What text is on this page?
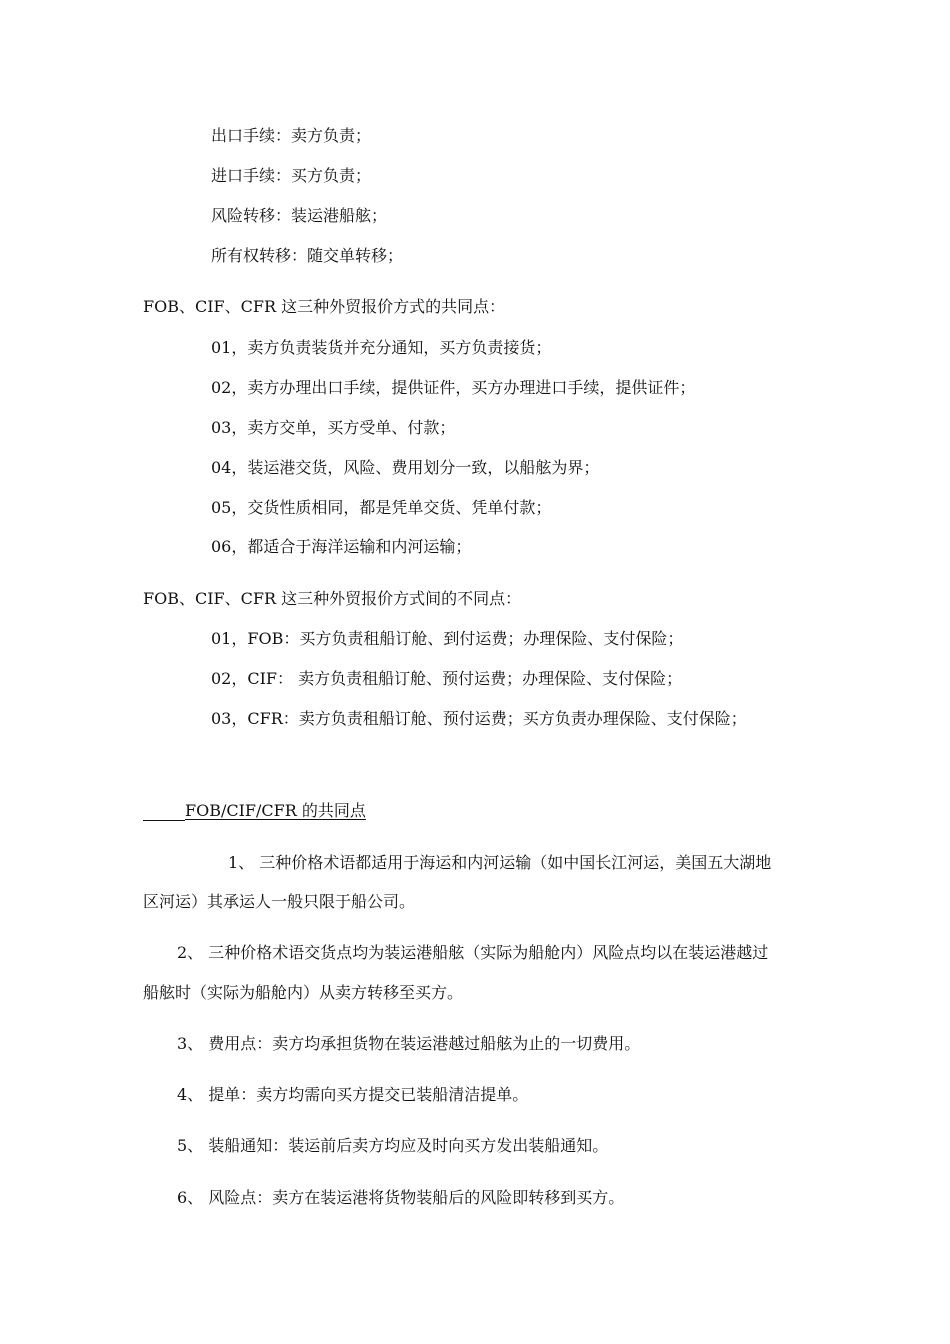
出口手续：卖方负责；
进口手续：买方负责；
风险转移：装运港船舷；
所有权转移：随交单转移；
FOB、CIF、CFR 这三种外贸报价方式的共同点：
01，卖方负责装货并充分通知，买方负责接货；
02，卖方办理出口手续，提供证件，买方办理进口手续，提供证件；
03，卖方交单，买方受单、付款；
04，装运港交货，风险、费用划分一致，以船舷为界；
05，交货性质相同，都是凭单交货、凭单付款；
06，都适合于海洋运输和内河运输；
FOB、CIF、CFR 这三种外贸报价方式间的不同点：
01，FOB：买方负责租船订舱、到付运费；办理保险、支付保险；
02，CIF： 卖方负责租船订舱、预付运费；办理保险、支付保险；
03，CFR：卖方负责租船订舱、预付运费；买方负责办理保险、支付保险；
FOB/CIF/CFR 的共同点
1、 三种价格术语都适用于海运和内河运输（如中国长江河运，美国五大湖地
区河运）其承运人一般只限于船公司。
2、 三种价格术语交货点均为装运港船舷（实际为船舱内）风险点均以在装运港越过
船舷时（实际为船舱内）从卖方转移至买方。
3、 费用点：卖方均承担货物在装运港越过船舷为止的一切费用。
4、 提单：卖方均需向买方提交已装船清洁提单。
5、 装船通知：装运前后卖方均应及时向买方发出装船通知。
6、 风险点：卖方在装运港将货物装船后的风险即转移到买方。
